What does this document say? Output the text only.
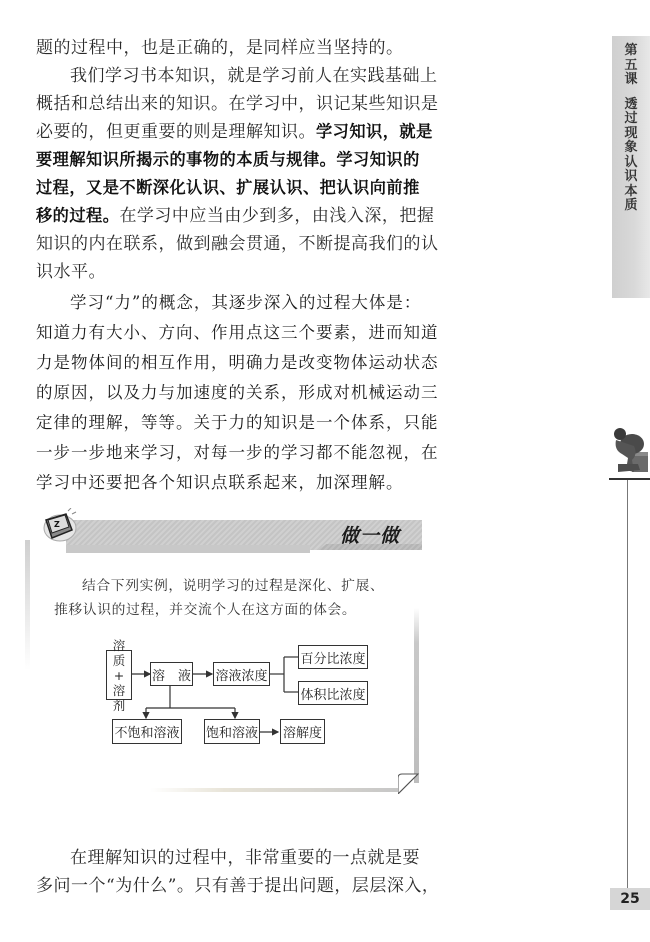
题的过程中，也是正确的，是同样应当坚持的。

我们学习书本知识，就是学习前人在实践基础上
概括和总结出来的知识。在学习中，识记某些知识是
必要的，但更重要的则是理解知识。学习知识，就是
要理解知识所揭示的事物的本质与规律。学习知识的
过程，又是不断深化认识、扩展认识、把认识向前推
移的过程。在学习中应当由少到多，由浅入深，把握
知识的内在联系，做到融会贯通，不断提高我们的认
识水平。

学习“力”的概念，其逐步深入的过程大体是：
知道力有大小、方向、作用点这三个要素，进而知道
力是物体间的相互作用，明确力是改变物体运动状态
的原因，以及力与加速度的关系，形成对机械运动三
定律的理解，等等。关于力的知识是一个体系，只能
一步一步地来学习，对每一步的学习都不能忽视，在
学习中还要把各个知识点联系起来，加深理解。

第五课
透过现象认识本质
Z
做一做
结合下列实例，说明学习的过程是深化、扩展、
推移认识的过程，并交流个人在这方面的体会。
溶质
+
溶剂
溶　液 溶液浓度
百分比浓度
体积比浓度
不饱和溶液 饱和溶液 溶解度

在理解知识的过程中，非常重要的一点就是要
多问一个“为什么”。只有善于提出问题，层层深入，

25
